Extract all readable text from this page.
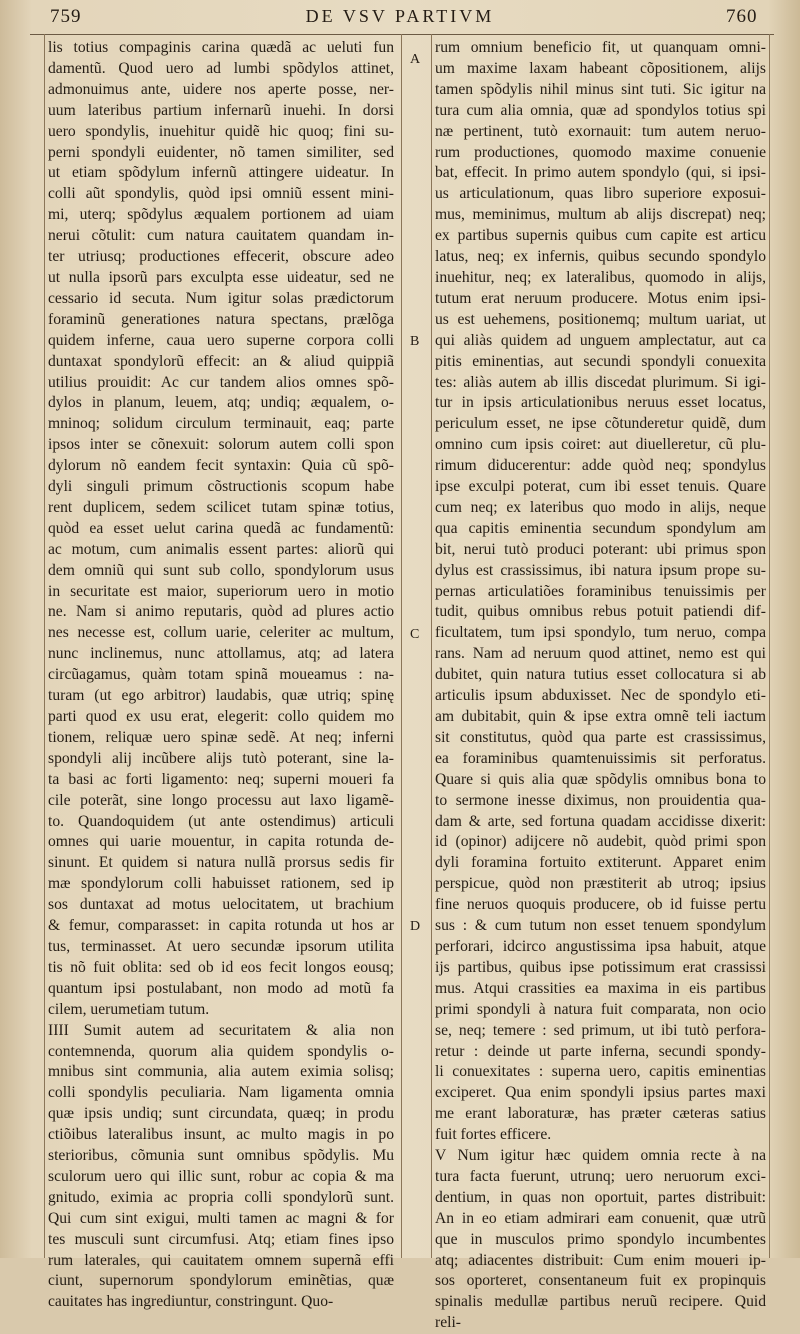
759	DE VSV PARTIVM	760
A
B
C
D
lis totius compaginis carina quædã ac ueluti fun
damentũ. Quod uero ad lumbi spõdylos attinet,
admonuimus ante, uidere nos aperte posse, ner-
uum lateribus partium infernarũ inuehi. In dorsi
uero spondylis, inuehitur quidẽ hic quoq; fini su-
perni spondyli euidenter, nõ tamen similiter, sed
ut etiam spõdylum infernũ attingere uideatur. In
colli aũt spondylis, quòd ipsi omniũ essent mini-
mi, uterq; spõdylus æqualem portionem ad uiam
nerui cõtulit: cum natura cauitatem quandam in-
ter utriusq; productiones effecerit, obscure adeo
ut nulla ipsorũ pars exculpta esse uideatur, sed ne
cessario id secuta. Num igitur solas prædictorum
foraminũ generationes natura spectans, prælõga
quidem inferne, caua uero superne corpora colli
duntaxat spondylorũ effecit: an & aliud quippiã
utilius prouidit: Ac cur tandem alios omnes spõ-
dylos in planum, leuem, atq; undiq; æqualem, o-
mninoq; solidum circulum terminauit, eaq; parte
ipsos inter se cõnexuit: solorum autem colli spon
dylorum nõ eandem fecit syntaxin: Quia cũ spõ-
dyli singuli primum cõstructionis scopum habe
rent duplicem, sedem scilicet tutam spinæ totius,
quòd ea esset uelut carina quedã ac fundamentũ:
ac motum, cum animalis essent partes: aliorũ qui
dem omniũ qui sunt sub collo, spondylorum usus
in securitate est maior, superiorum uero in motio
ne. Nam si animo reputaris, quòd ad plures actio
nes necesse est, collum uarie, celeriter ac multum,
nunc inclinemus, nunc attollamus, atq; ad latera
circũagamus, quàm totam spinã moueamus : na-
turam (ut ego arbitror) laudabis, quæ utriq; spinę
parti quod ex usu erat, elegerit: collo quidem mo
tionem, reliquæ uero spinæ sedẽ. At neq; inferni
spondyli alij incũbere alijs tutò poterant, sine la-
ta basi ac forti ligamento: neq; superni moueri fa
cile poterãt, sine longo processu aut laxo ligamẽ-
to. Quandoquidem (ut ante ostendimus) articuli
omnes qui uarie mouentur, in capita rotunda de-
sinunt. Et quidem si natura nullã prorsus sedis fir
mæ spondylorum colli habuisset rationem, sed ip
sos duntaxat ad motus uelocitatem, ut brachium
& femur, comparasset: in capita rotunda ut hos ar
tus, terminasset. At uero secundæ ipsorum utilita
tis nõ fuit oblita: sed ob id eos fecit longos eousq;
quantum ipsi postulabant, non modo ad motũ fa
cilem, uerumetiam tutum.
IIII Sumit autem ad securitatem & alia non
contemnenda, quorum alia quidem spondylis o-
mnibus sint communia, alia autem eximia solisq;
colli spondylis peculiaria. Nam ligamenta omnia
quæ ipsis undiq; sunt circundata, quæq; in produ
ctiõibus lateralibus insunt, ac multo magis in po
sterioribus, cõmunia sunt omnibus spõdylis. Mu
sculorum uero qui illic sunt, robur ac copia & ma
gnitudo, eximia ac propria colli spondylorũ sunt.
Qui cum sint exigui, multi tamen ac magni & for
tes musculi sunt circumfusi. Atq; etiam fines ipso
rum laterales, qui cauitatem omnem supernã effi
ciunt, supernorum spondylorum eminẽtias, quæ
cauitates has ingrediuntur, constringunt. Quo-
rum omnium beneficio fit, ut quanquam omni-
um maxime laxam habeant cõpositionem, alijs
tamen spõdylis nihil minus sint tuti. Sic igitur na
tura cum alia omnia, quæ ad spondylos totius spi
næ pertinent, tutò exornauit: tum autem neruo-
rum productiones, quomodo maxime conuenie
bat, effecit. In primo autem spondylo (qui, si ipsi-
us articulationum, quas libro superiore exposui-
mus, meminimus, multum ab alijs discrepat) neq;
ex partibus supernis quibus cum capite est articu
latus, neq; ex infernis, quibus secundo spondylo
inuehitur, neq; ex lateralibus, quomodo in alijs,
tutum erat neruum producere. Motus enim ipsi-
us est uehemens, positionemq; multum uariat, ut
qui aliàs quidem ad unguem amplectatur, aut ca
pitis eminentias, aut secundi spondyli conuexita
tes: aliàs autem ab illis discedat plurimum. Si igi-
tur in ipsis articulationibus neruus esset locatus,
periculum esset, ne ipse cõtunderetur quidẽ, dum
omnino cum ipsis coiret: aut diuelleretur, cũ plu-
rimum diducerentur: adde quòd neq; spondylus
ipse exculpi poterat, cum ibi esset tenuis. Quare
cum neq; ex lateribus quo modo in alijs, neque
qua capitis eminentia secundum spondylum am
bit, nerui tutò produci poterant: ubi primus spon
dylus est crassissimus, ibi natura ipsum prope su-
pernas articulatiões foraminibus tenuissimis per
tudit, quibus omnibus rebus potuit patiendi dif-
ficultatem, tum ipsi spondylo, tum neruo, compa
rans. Nam ad neruum quod attinet, nemo est qui
dubitet, quin natura tutius esset collocatura si ab
articulis ipsum abduxisset. Nec de spondylo eti-
am dubitabit, quin & ipse extra omnẽ teli iactum
sit constitutus, quòd qua parte est crassissimus,
ea foraminibus quamtenuissimis sit perforatus.
Quare si quis alia quæ spõdylis omnibus bona to
to sermone inesse diximus, non prouidentia qua-
dam & arte, sed fortuna quadam accidisse dixerit:
id (opinor) adijcere nõ audebit, quòd primi spon
dyli foramina fortuito extiterunt. Apparet enim
perspicue, quòd non præstiterit ab utroq; ipsius
fine neruos quoquis producere, ob id fuisse pertu
sus : & cum tutum non esset tenuem spondylum
perforari, idcirco angustissima ipsa habuit, atque
ijs partibus, quibus ipse potissimum erat crassissi
mus. Atqui crassities ea maxima in eis partibus
primi spondyli à natura fuit comparata, non ocio
se, neq; temere : sed primum, ut ibi tutò perfora-
retur : deinde ut parte inferna, secundi spondy-
li conuexitates : superna uero, capitis eminentias
exciperet. Qua enim spondyli ipsius partes maxi
me erant laboraturæ, has præter cæteras satius
fuit fortes efficere.
V Num igitur hæc quidem omnia recte à na
tura facta fuerunt, utrunq; uero neruorum exci-
dentium, in quas non oportuit, partes distribuit:
An in eo etiam admirari eam conuenit, quæ utrũ
que in musculos primo spondylo incumbentes
atq; adiacentes distribuit: Cum enim moueri ip-
sos oporteret, consentaneum fuit ex propinquis
spinalis medullæ partibus neruũ recipere. Quid
reli-
